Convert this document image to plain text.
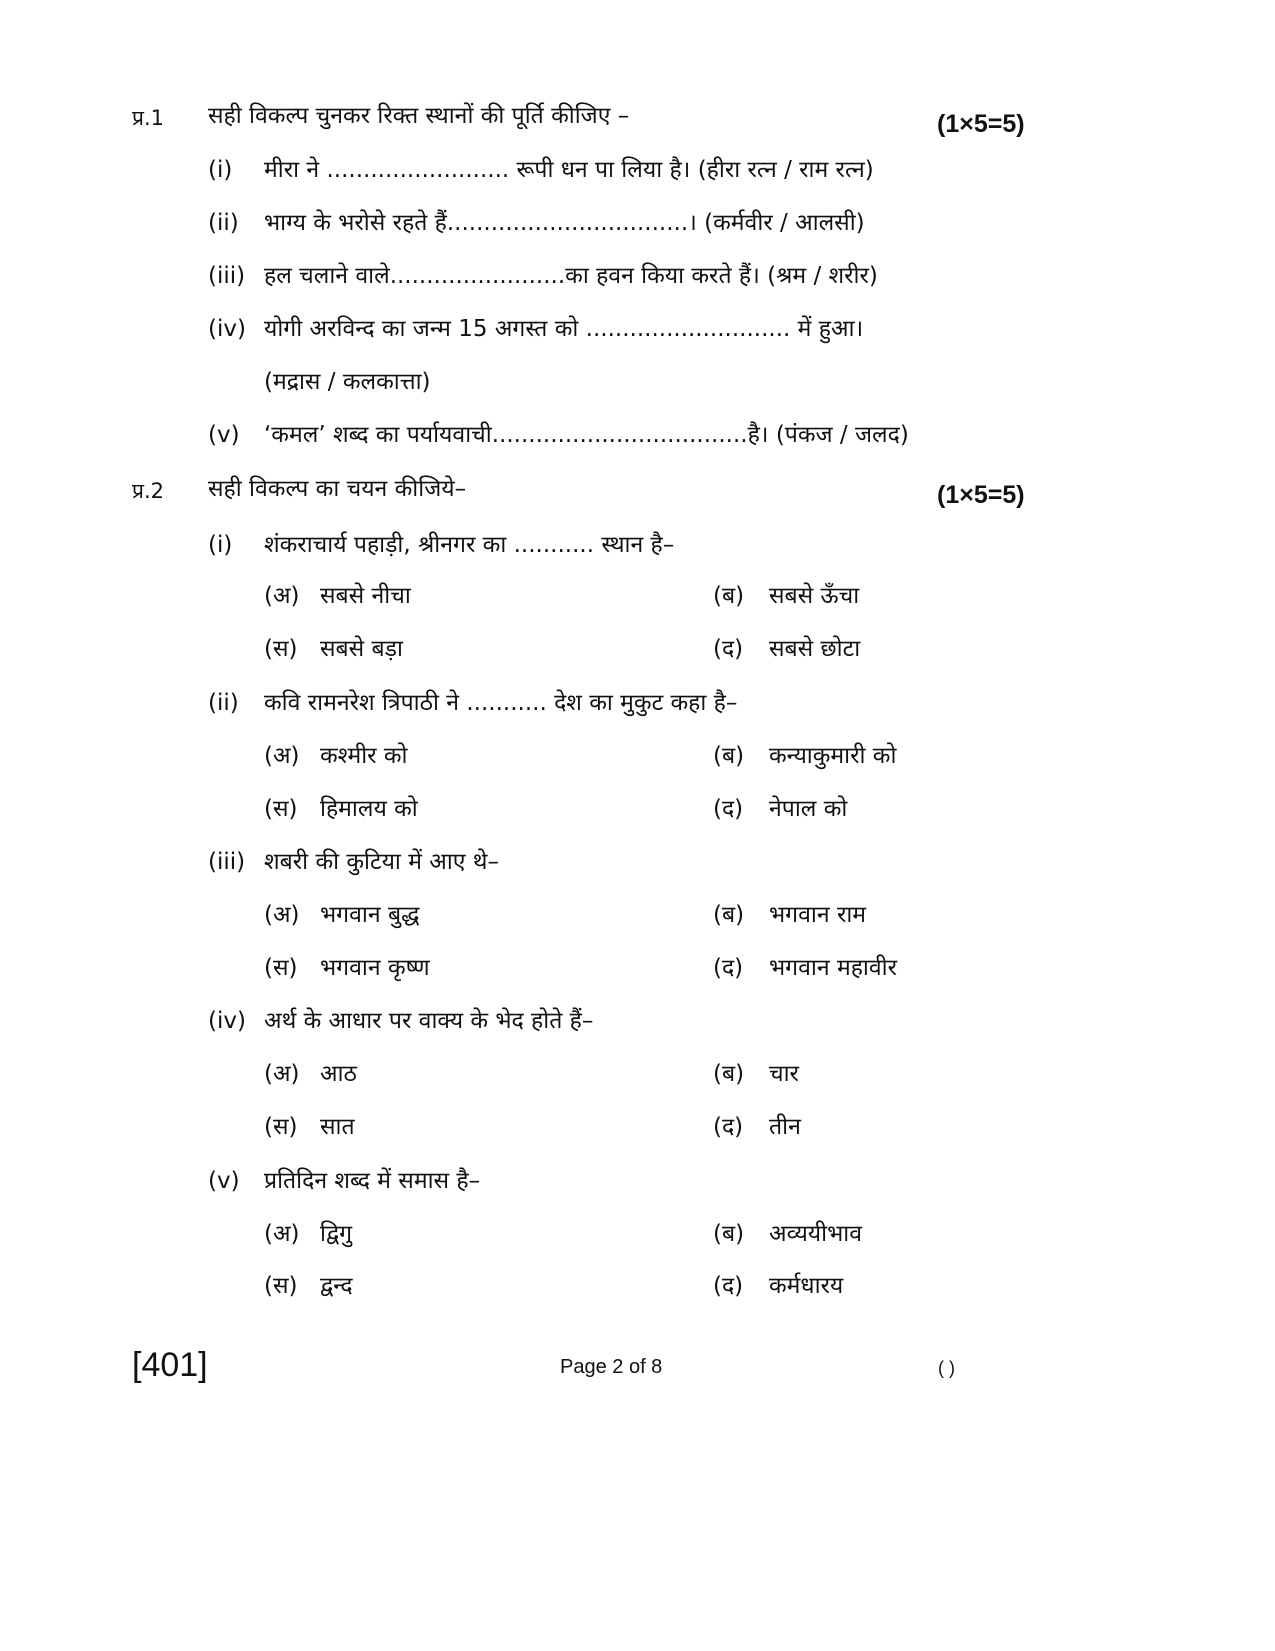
प्र.1 सही विकल्प चुनकर रिक्त स्थानों की पूर्ति कीजिए –	(1×5=5)
(i) मीरा ने ......................... रूपी धन पा लिया है। (हीरा रत्न / राम रत्न)
(ii) भाग्य के भरोसे रहते हैं.................................। (कर्मवीर / आलसी)
(iii) हल चलाने वाले........................का हवन किया करते हैं। (श्रम / शरीर)
(iv) योगी अरविन्द का जन्म 15 अगस्त को ............................ में हुआ।
(मद्रास / कलकात्ता)
(v) ‘कमल’ शब्द का पर्यायवाची...................................है। (पंकज / जलद)
प्र.2 सही विकल्प का चयन कीजिये–	(1×5=5)
(i) शंकराचार्य पहाड़ी, श्रीनगर का ........... स्थान है–
(अ) सबसे नीचा	(ब) सबसे ऊँचा
(स) सबसे बड़ा	(द) सबसे छोटा
(ii) कवि रामनरेश त्रिपाठी ने ........... देश का मुकुट कहा है–
(अ) कश्मीर को	(ब) कन्याकुमारी को
(स) हिमालय को	(द) नेपाल को
(iii) शबरी की कुटिया में आए थे–
(अ) भगवान बुद्ध	(ब) भगवान राम
(स) भगवान कृष्ण	(द) भगवान महावीर
(iv) अर्थ के आधार पर वाक्य के भेद होते हैं–
(अ) आठ	(ब) चार
(स) सात	(द) तीन
(v) प्रतिदिन शब्द में समास है–
(अ) द्विगु	(ब) अव्ययीभाव
(स) द्वन्द	(द) कर्मधारय
[401]	Page 2 of 8	( )
